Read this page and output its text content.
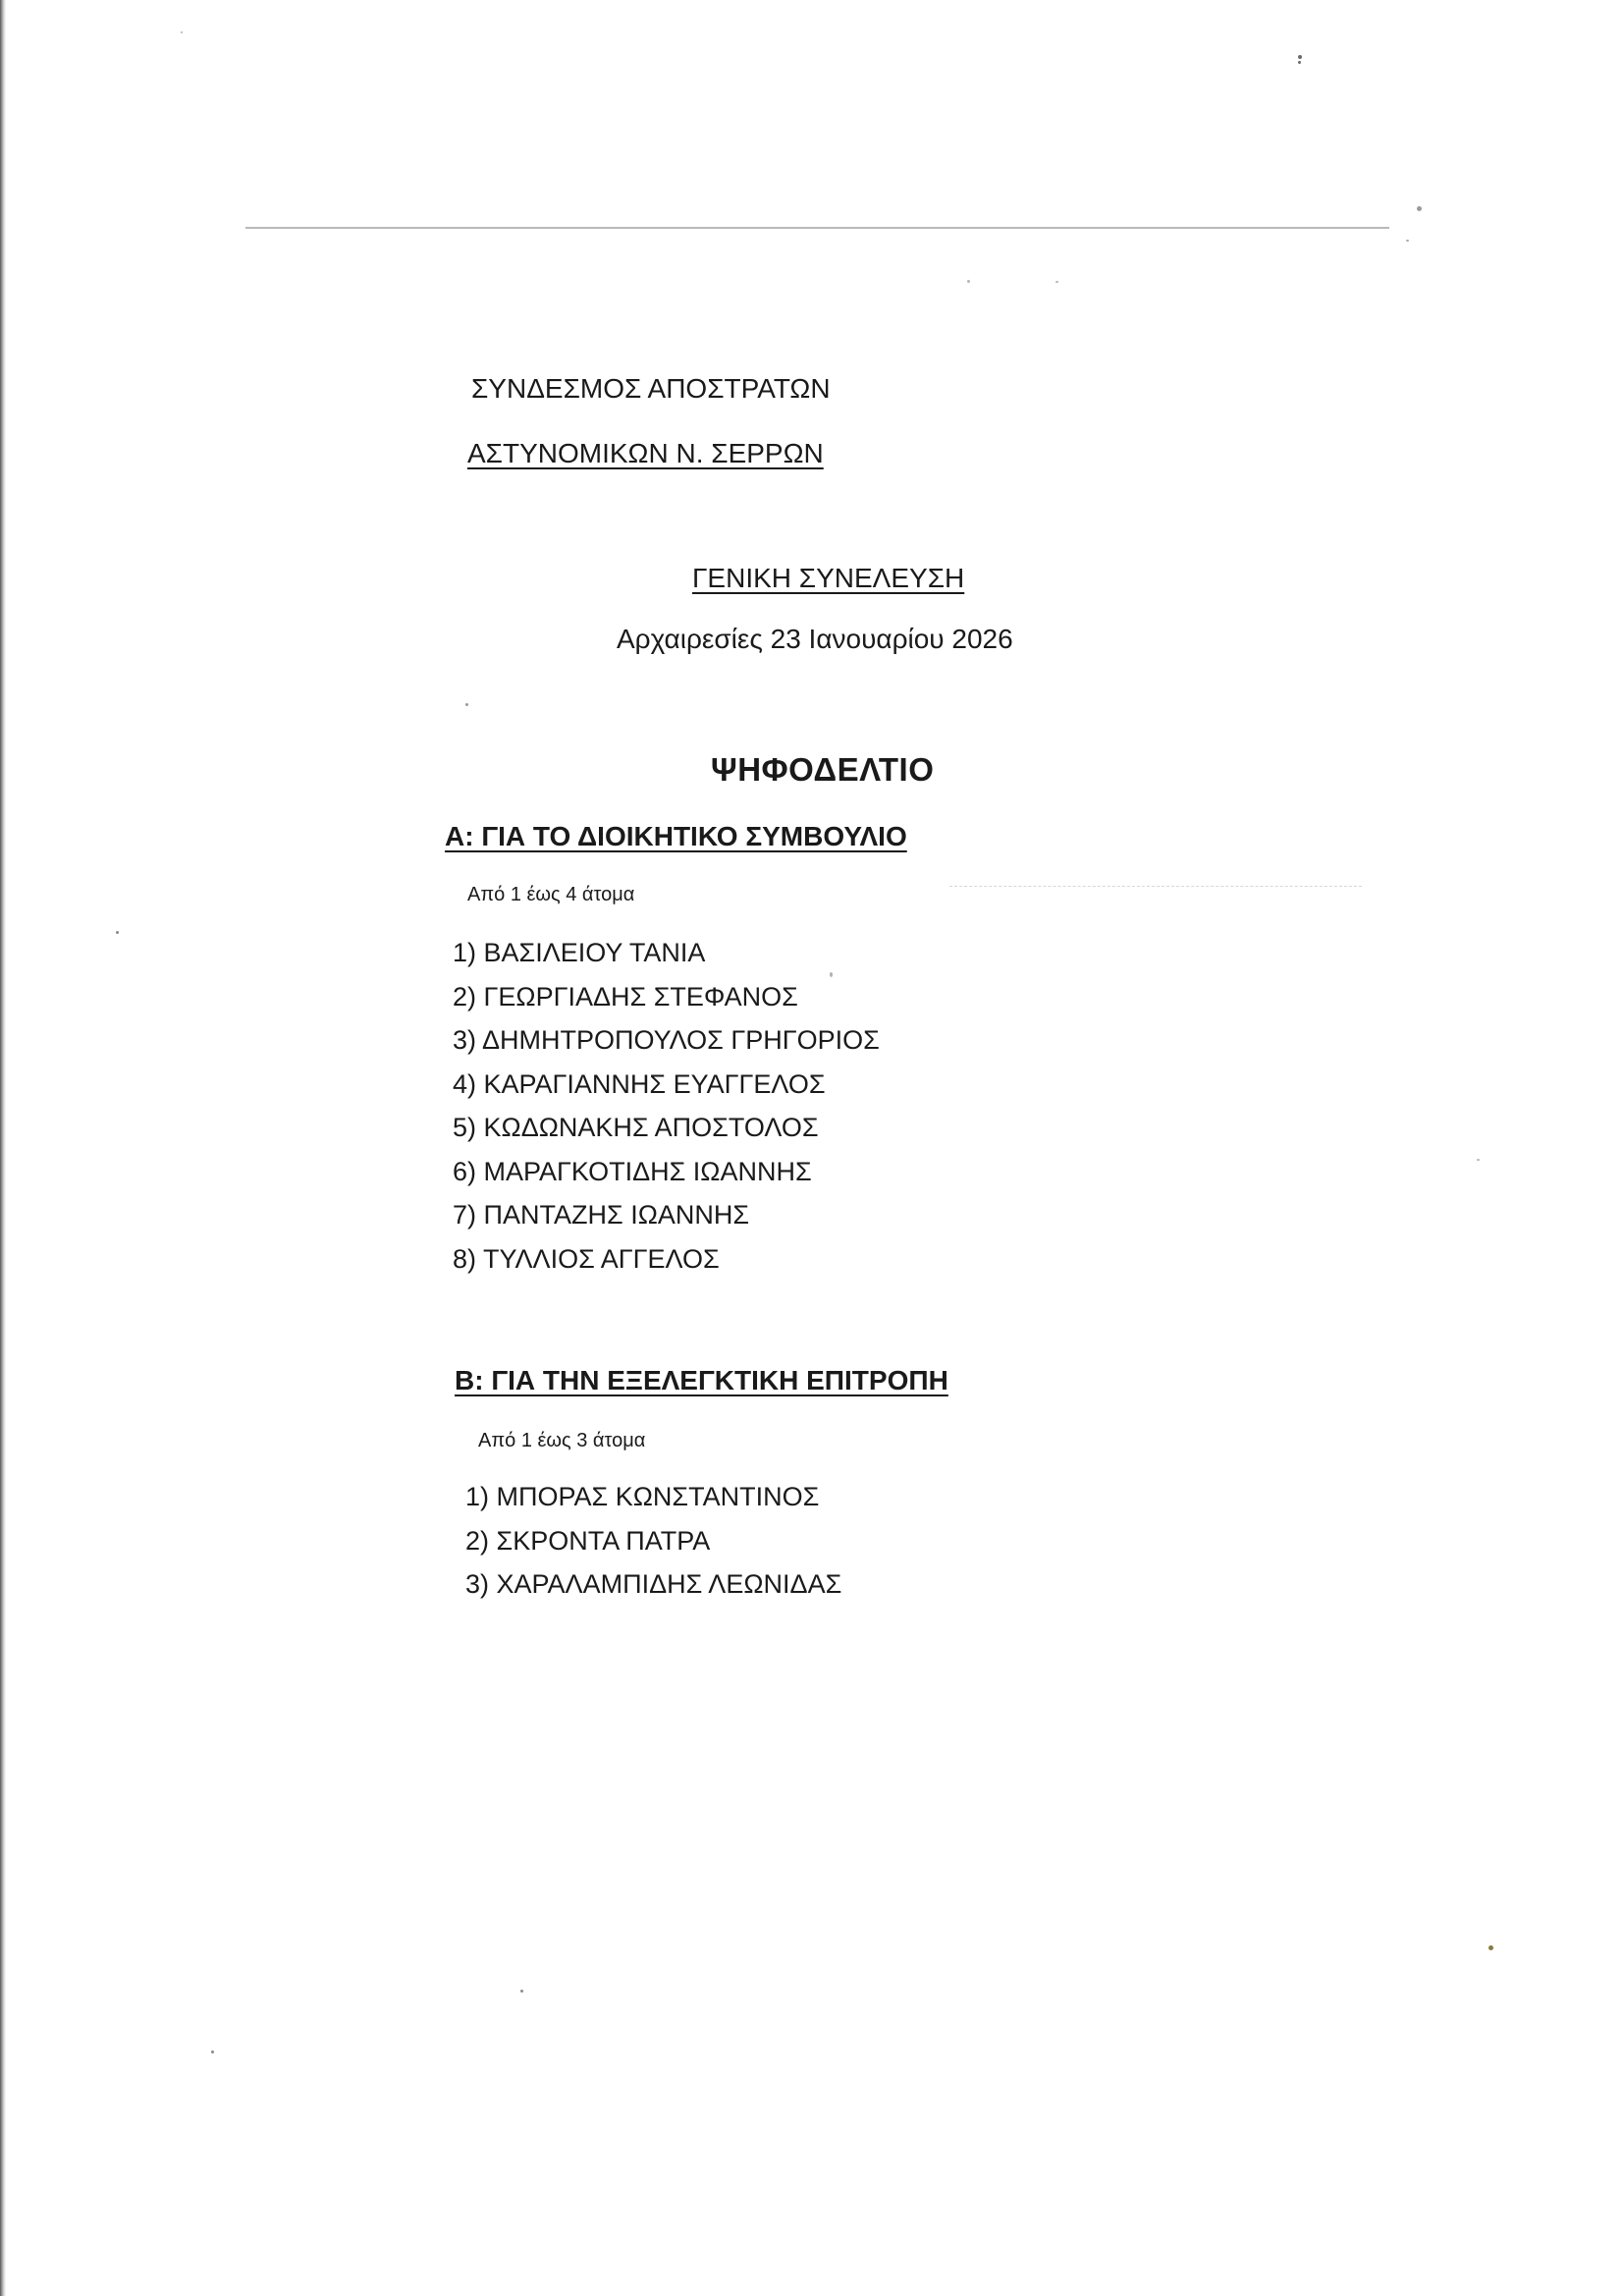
ΣΥΝΔΕΣΜΟΣ ΑΠΟΣΤΡΑΤΩΝ
ΑΣΤΥΝΟΜΙΚΩΝ Ν. ΣΕΡΡΩΝ
ΓΕΝΙΚΗ ΣΥΝΕΛΕΥΣΗ
Αρχαιρεσίες 23 Ιανουαρίου 2026
ΨΗΦΟΔΕΛΤΙΟ
Α: ΓΙΑ ΤΟ ΔΙΟΙΚΗΤΙΚΟ ΣΥΜΒΟΥΛΙΟ
Από 1 έως 4 άτομα
1) ΒΑΣΙΛΕΙΟΥ ΤΑΝΙΑ
2) ΓΕΩΡΓΙΑΔΗΣ ΣΤΕΦΑΝΟΣ
3) ΔΗΜΗΤΡΟΠΟΥΛΟΣ ΓΡΗΓΟΡΙΟΣ
4) ΚΑΡΑΓΙΑΝΝΗΣ ΕΥΑΓΓΕΛΟΣ
5) ΚΩΔΩΝΑΚΗΣ ΑΠΟΣΤΟΛΟΣ
6) ΜΑΡΑΓΚΟΤΙΔΗΣ ΙΩΑΝΝΗΣ
7) ΠΑΝΤΑΖΗΣ ΙΩΑΝΝΗΣ
8) ΤΥΛΛΙΟΣ ΑΓΓΕΛΟΣ
Β: ΓΙΑ ΤΗΝ ΕΞΕΛΕΓΚΤΙΚΗ ΕΠΙΤΡΟΠΗ
Από 1 έως 3 άτομα
1) ΜΠΟΡΑΣ ΚΩΝΣΤΑΝΤΙΝΟΣ
2) ΣΚΡΟΝΤΑ ΠΑΤΡΑ
3) ΧΑΡΑΛΑΜΠΙΔΗΣ ΛΕΩΝΙΔΑΣ
